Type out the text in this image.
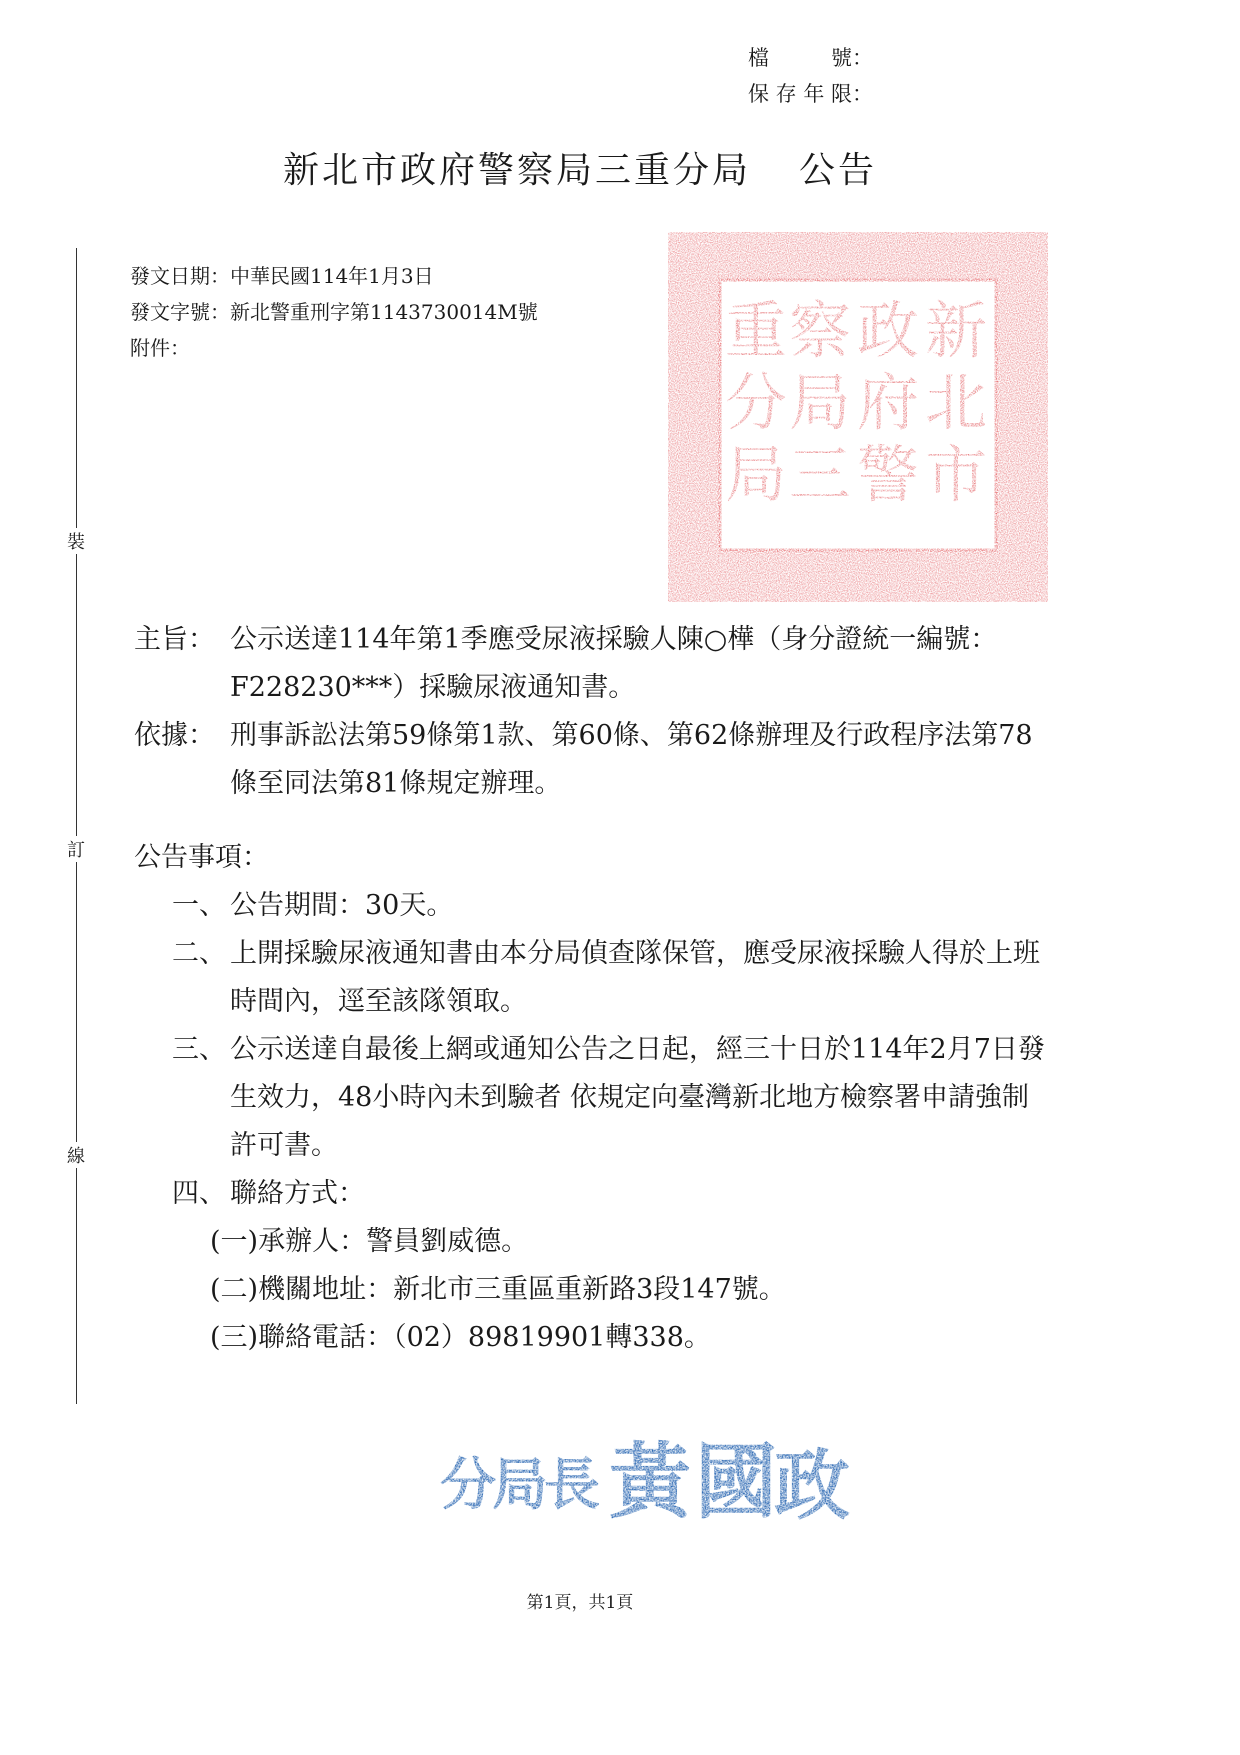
檔號 ：
保存年限 ：
新北市政府警察局三重分局 公告
裝
訂
線
發文日期： 中華民國114年1月3日
發文字號： 新北警重刑字第1143730014M號
附件：	新
北
市
政
府
警
察
局
三
重
分
局
主旨： 公示送達114年第1季應受尿液採驗人陳○樺（身分證統一編號：F228230***）採驗尿液通知書。
依據： 刑事訴訟法第59條第1款、第60條、第62條辦理及行政程序法第78條至同法第81條規定辦理。
公告事項：
一、 公告期間：30天。
二、 上開採驗尿液通知書由本分局偵查隊保管，應受尿液採驗人得於上班時間內，逕至該隊領取。
三、 公示送達自最後上網或通知公告之日起，經三十日於114年2月7日發生效力，48小時內未到驗者 依規定向臺灣新北地方檢察署申請強制許可書。
四、 聯絡方式：
(一) 承辦人：警員劉威德。
(二) 機關地址：新北市三重區重新路3段147號。
(三) 聯絡電話：（02）89819901轉338。
分
局
長 黃 國
政
第1頁，共1頁
